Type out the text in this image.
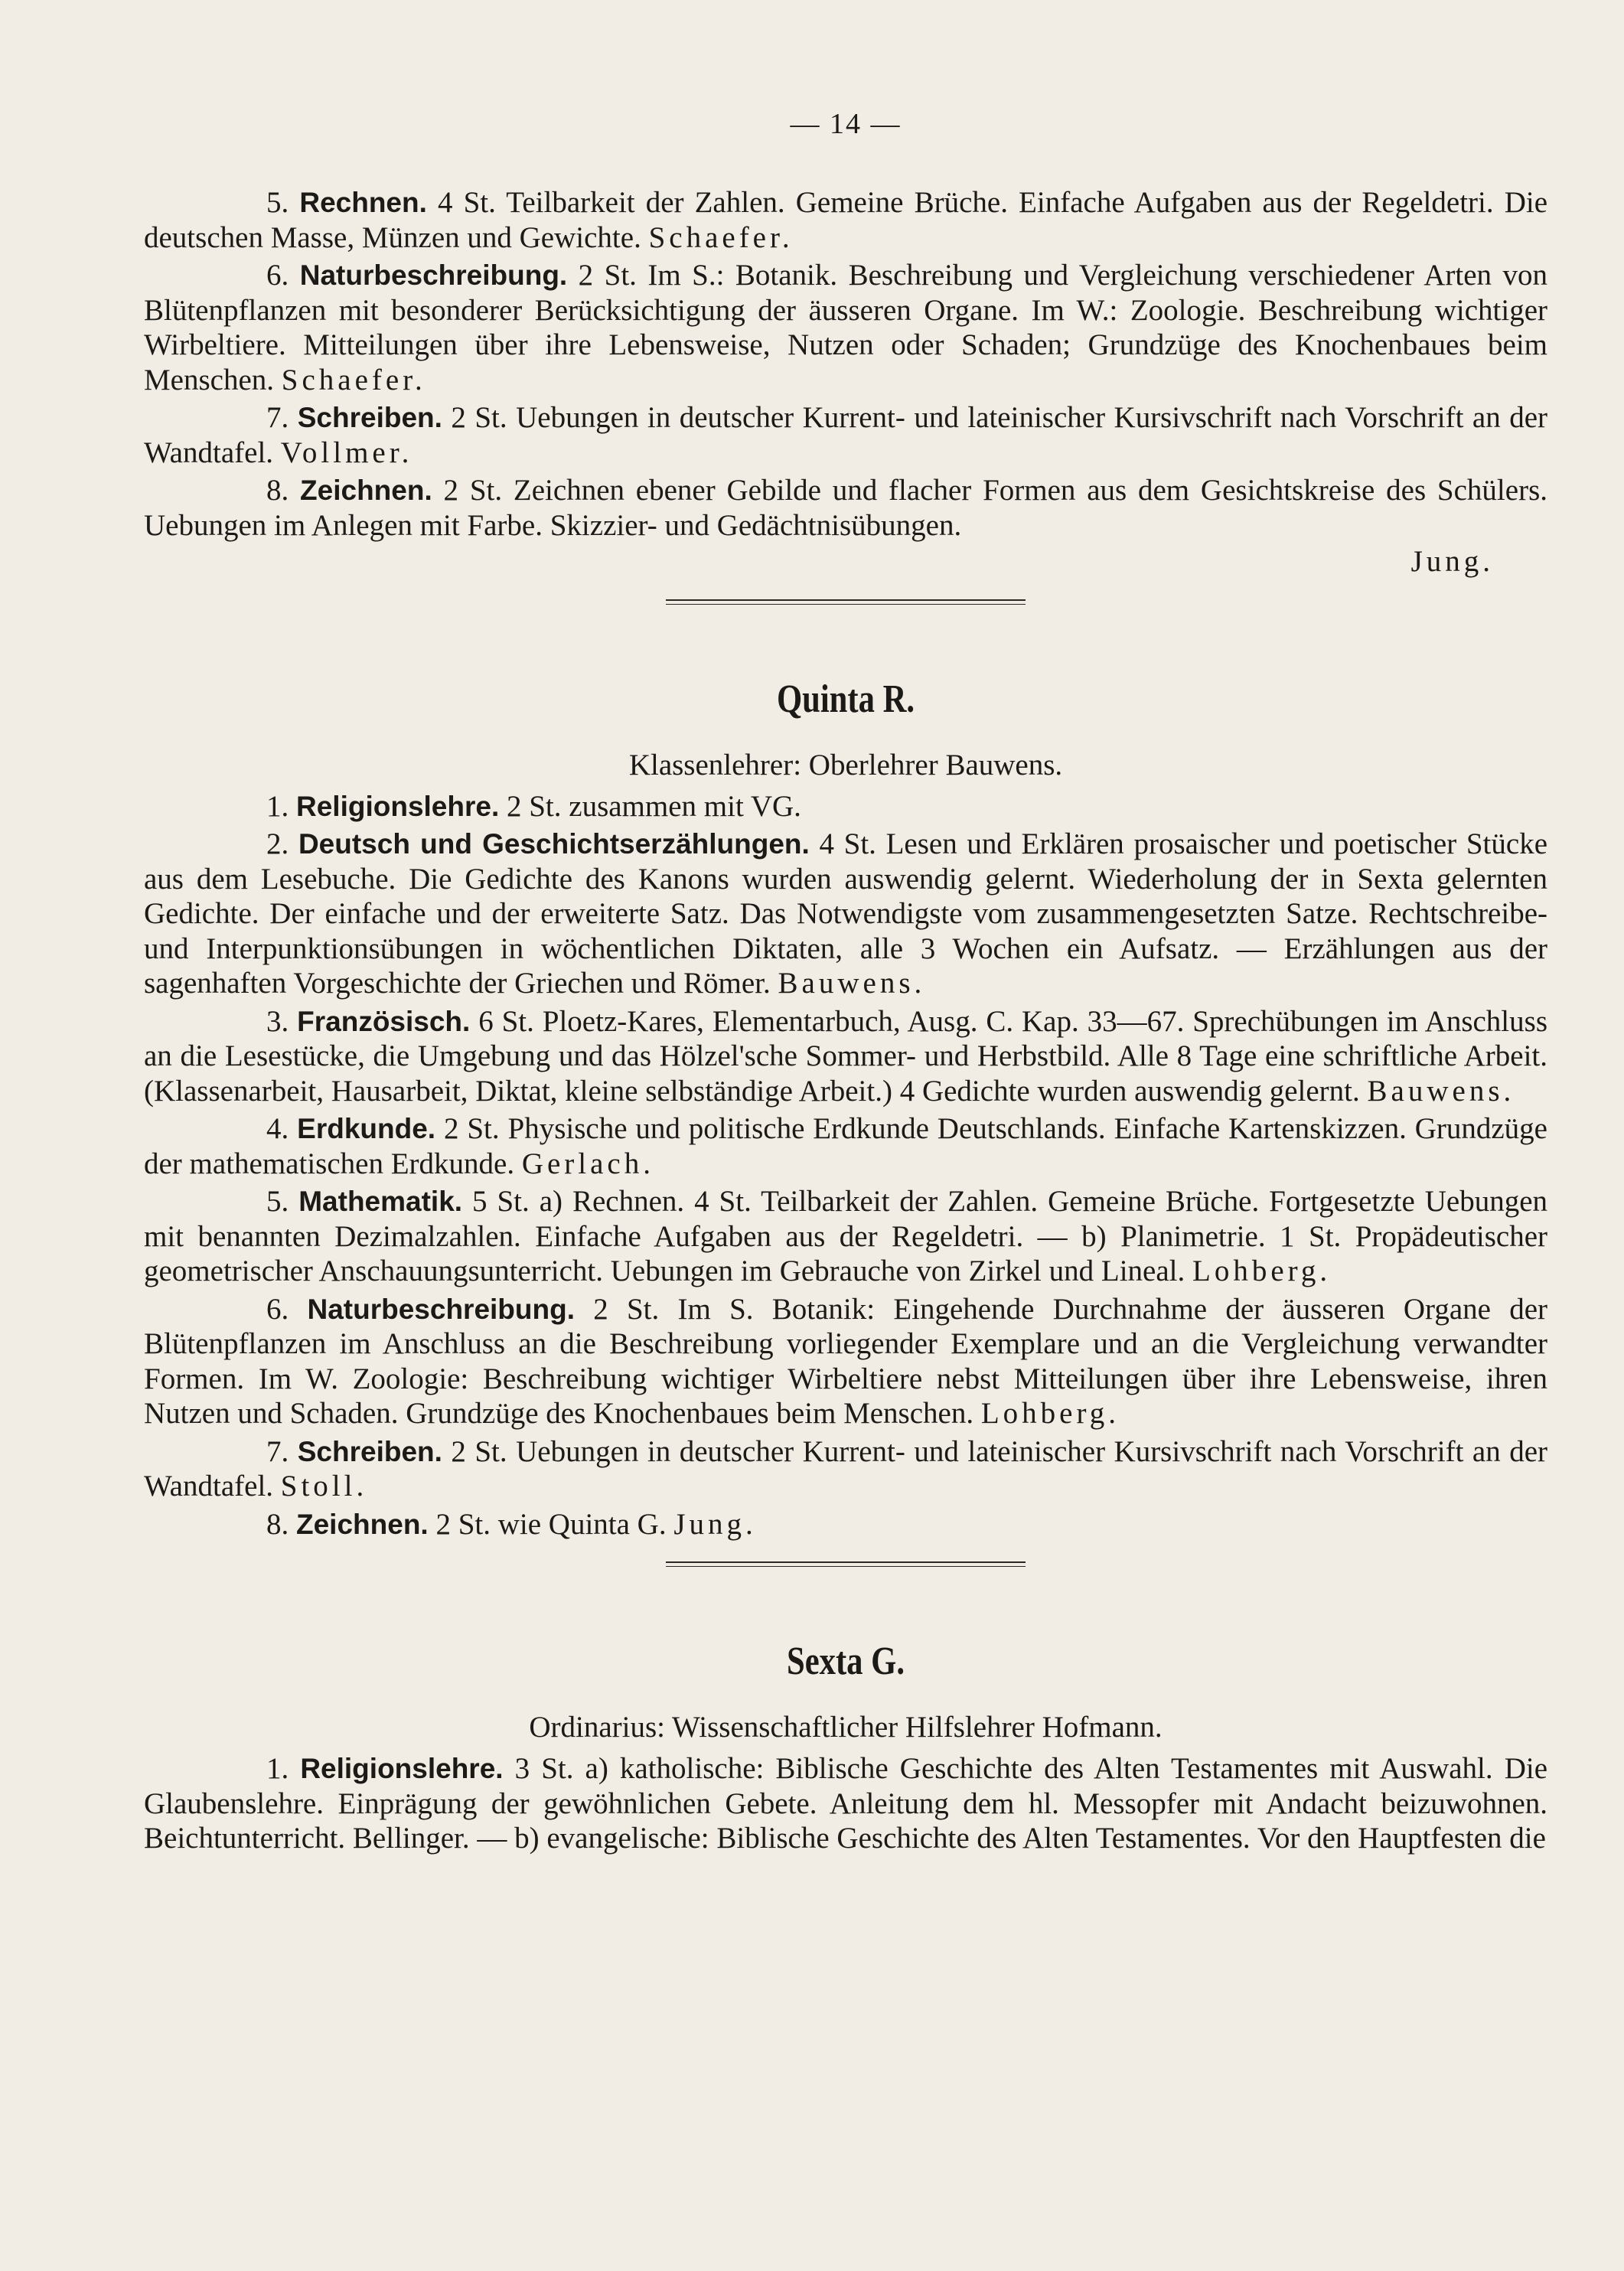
— 14 —

5. Rechnen. 4 St. Teilbarkeit der Zahlen. Gemeine Brüche. Einfache Aufgaben aus der Regeldetri. Die deutschen Masse, Münzen und Gewichte. Schaefer.

6. Naturbeschreibung. 2 St. Im S.: Botanik. Beschreibung und Vergleichung verschiedener Arten von Blütenpflanzen mit besonderer Berücksichtigung der äusseren Organe. Im W.: Zoologie. Beschreibung wichtiger Wirbeltiere. Mitteilungen über ihre Lebensweise, Nutzen oder Schaden; Grundzüge des Knochenbaues beim Menschen. Schaefer.

7. Schreiben. 2 St. Uebungen in deutscher Kurrent- und lateinischer Kursivschrift nach Vorschrift an der Wandtafel. Vollmer.

8. Zeichnen. 2 St. Zeichnen ebener Gebilde und flacher Formen aus dem Gesichtskreise des Schülers. Uebungen im Anlegen mit Farbe. Skizzier- und Gedächtnisübungen.

Jung.

Quinta R.
Klassenlehrer: Oberlehrer Bauwens.

1. Religionslehre. 2 St. zusammen mit VG.

2. Deutsch und Geschichtserzählungen. 4 St. Lesen und Erklären prosaischer und poetischer Stücke aus dem Lesebuche. Die Gedichte des Kanons wurden auswendig gelernt. Wiederholung der in Sexta gelernten Gedichte. Der einfache und der erweiterte Satz. Das Notwendigste vom zusammengesetzten Satze. Rechtschreibe- und Interpunktionsübungen in wöchentlichen Diktaten, alle 3 Wochen ein Aufsatz. — Erzählungen aus der sagenhaften Vorgeschichte der Griechen und Römer. Bauwens.

3. Französisch. 6 St. Ploetz-Kares, Elementarbuch, Ausg. C. Kap. 33—67. Sprechübungen im Anschluss an die Lesestücke, die Umgebung und das Hölzel'sche Sommer- und Herbstbild. Alle 8 Tage eine schriftliche Arbeit. (Klassenarbeit, Hausarbeit, Diktat, kleine selbständige Arbeit.) 4 Gedichte wurden auswendig gelernt. Bauwens.

4. Erdkunde. 2 St. Physische und politische Erdkunde Deutschlands. Einfache Kartenskizzen. Grundzüge der mathematischen Erdkunde. Gerlach.

5. Mathematik. 5 St. a) Rechnen. 4 St. Teilbarkeit der Zahlen. Gemeine Brüche. Fortgesetzte Uebungen mit benannten Dezimalzahlen. Einfache Aufgaben aus der Regeldetri. — b) Planimetrie. 1 St. Propädeutischer geometrischer Anschauungsunterricht. Uebungen im Gebrauche von Zirkel und Lineal. Lohberg.

6. Naturbeschreibung. 2 St. Im S. Botanik: Eingehende Durchnahme der äusseren Organe der Blütenpflanzen im Anschluss an die Beschreibung vorliegender Exemplare und an die Vergleichung verwandter Formen. Im W. Zoologie: Beschreibung wichtiger Wirbeltiere nebst Mitteilungen über ihre Lebensweise, ihren Nutzen und Schaden. Grundzüge des Knochenbaues beim Menschen. Lohberg.

7. Schreiben. 2 St. Uebungen in deutscher Kurrent- und lateinischer Kursivschrift nach Vorschrift an der Wandtafel. Stoll.

8. Zeichnen. 2 St. wie Quinta G. Jung.

Sexta G.
Ordinarius: Wissenschaftlicher Hilfslehrer Hofmann.

1. Religionslehre. 3 St. a) katholische: Biblische Geschichte des Alten Testamentes mit Auswahl. Die Glaubenslehre. Einprägung der gewöhnlichen Gebete. Anleitung dem hl. Messopfer mit Andacht beizuwohnen. Beichtunterricht. Bellinger. — b) evangelische: Biblische Geschichte des Alten Testamentes. Vor den Hauptfesten die
